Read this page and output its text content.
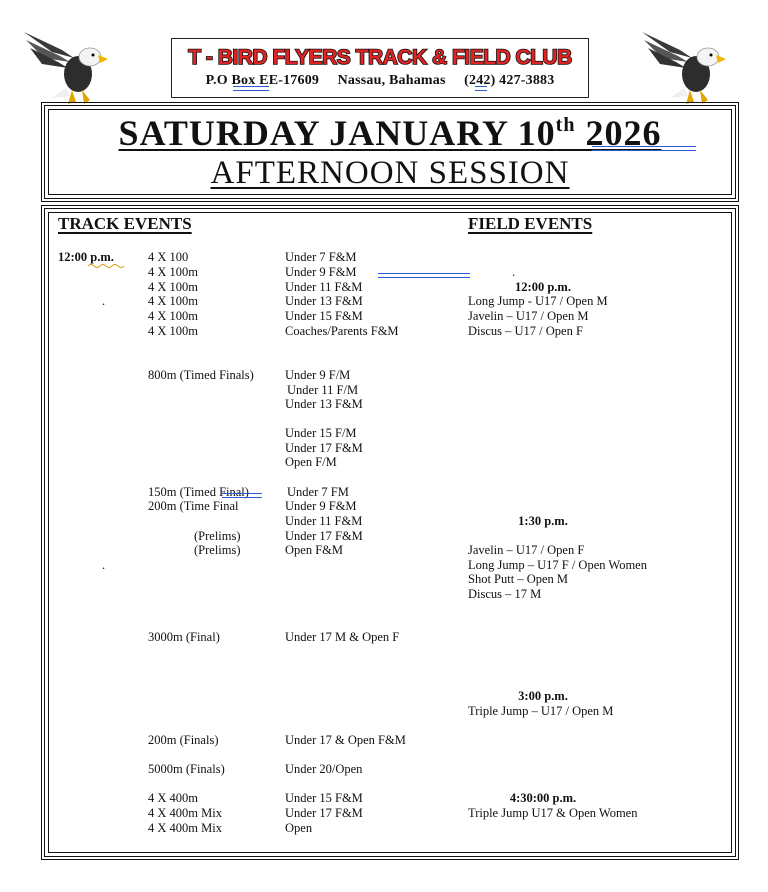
T - BIRD FLYERS TRACK & FIELD CLUB
P.O Box EE-17609 Nassau, Bahamas (242) 427-3883
SATURDAY JANUARY 10th 2026
AFTERNOON SESSION
TRACK EVENTS	FIELD EVENTS
12:00 p.m.	4 X 100	Under 7 F&M
4 X 100m	Under 9 F&M
4 X 100m	Under 11 F&M
4 X 100m	Under 13 F&M
4 X 100m	Under 15 F&M
4 X 100m	Coaches/Parents F&M
800m (Timed Finals) Under 9 F/M
Under 11 F/M
Under 13 F&M
Under 15 F/M
Under 17 F&M
Open F/M
150m (Timed Final)	Under 7 FM
200m (Time Final	Under 9 F&M
Under 11 F&M
(Prelims)	Under 17 F&M
(Prelims)	Open F&M
3000m (Final)	Under 17 M & Open F
200m (Finals)	Under 17 & Open F&M
5000m (Finals)	Under 20/Open
4 X 400m	Under 15 F&M
4 X 400m Mix	Under 17 F&M
4 X 400m Mix	Open
.
.
.
12:00 p.m.
Long Jump - U17 / Open M
Javelin – U17 / Open M
Discus – U17 / Open F
1:30 p.m.
Javelin – U17 / Open F
Long Jump – U17 F / Open Women
Shot Putt – Open M
Discus – 17 M
3:00 p.m.
Triple Jump – U17 / Open M
4:30:00 p.m.
Triple Jump U17 & Open Women
